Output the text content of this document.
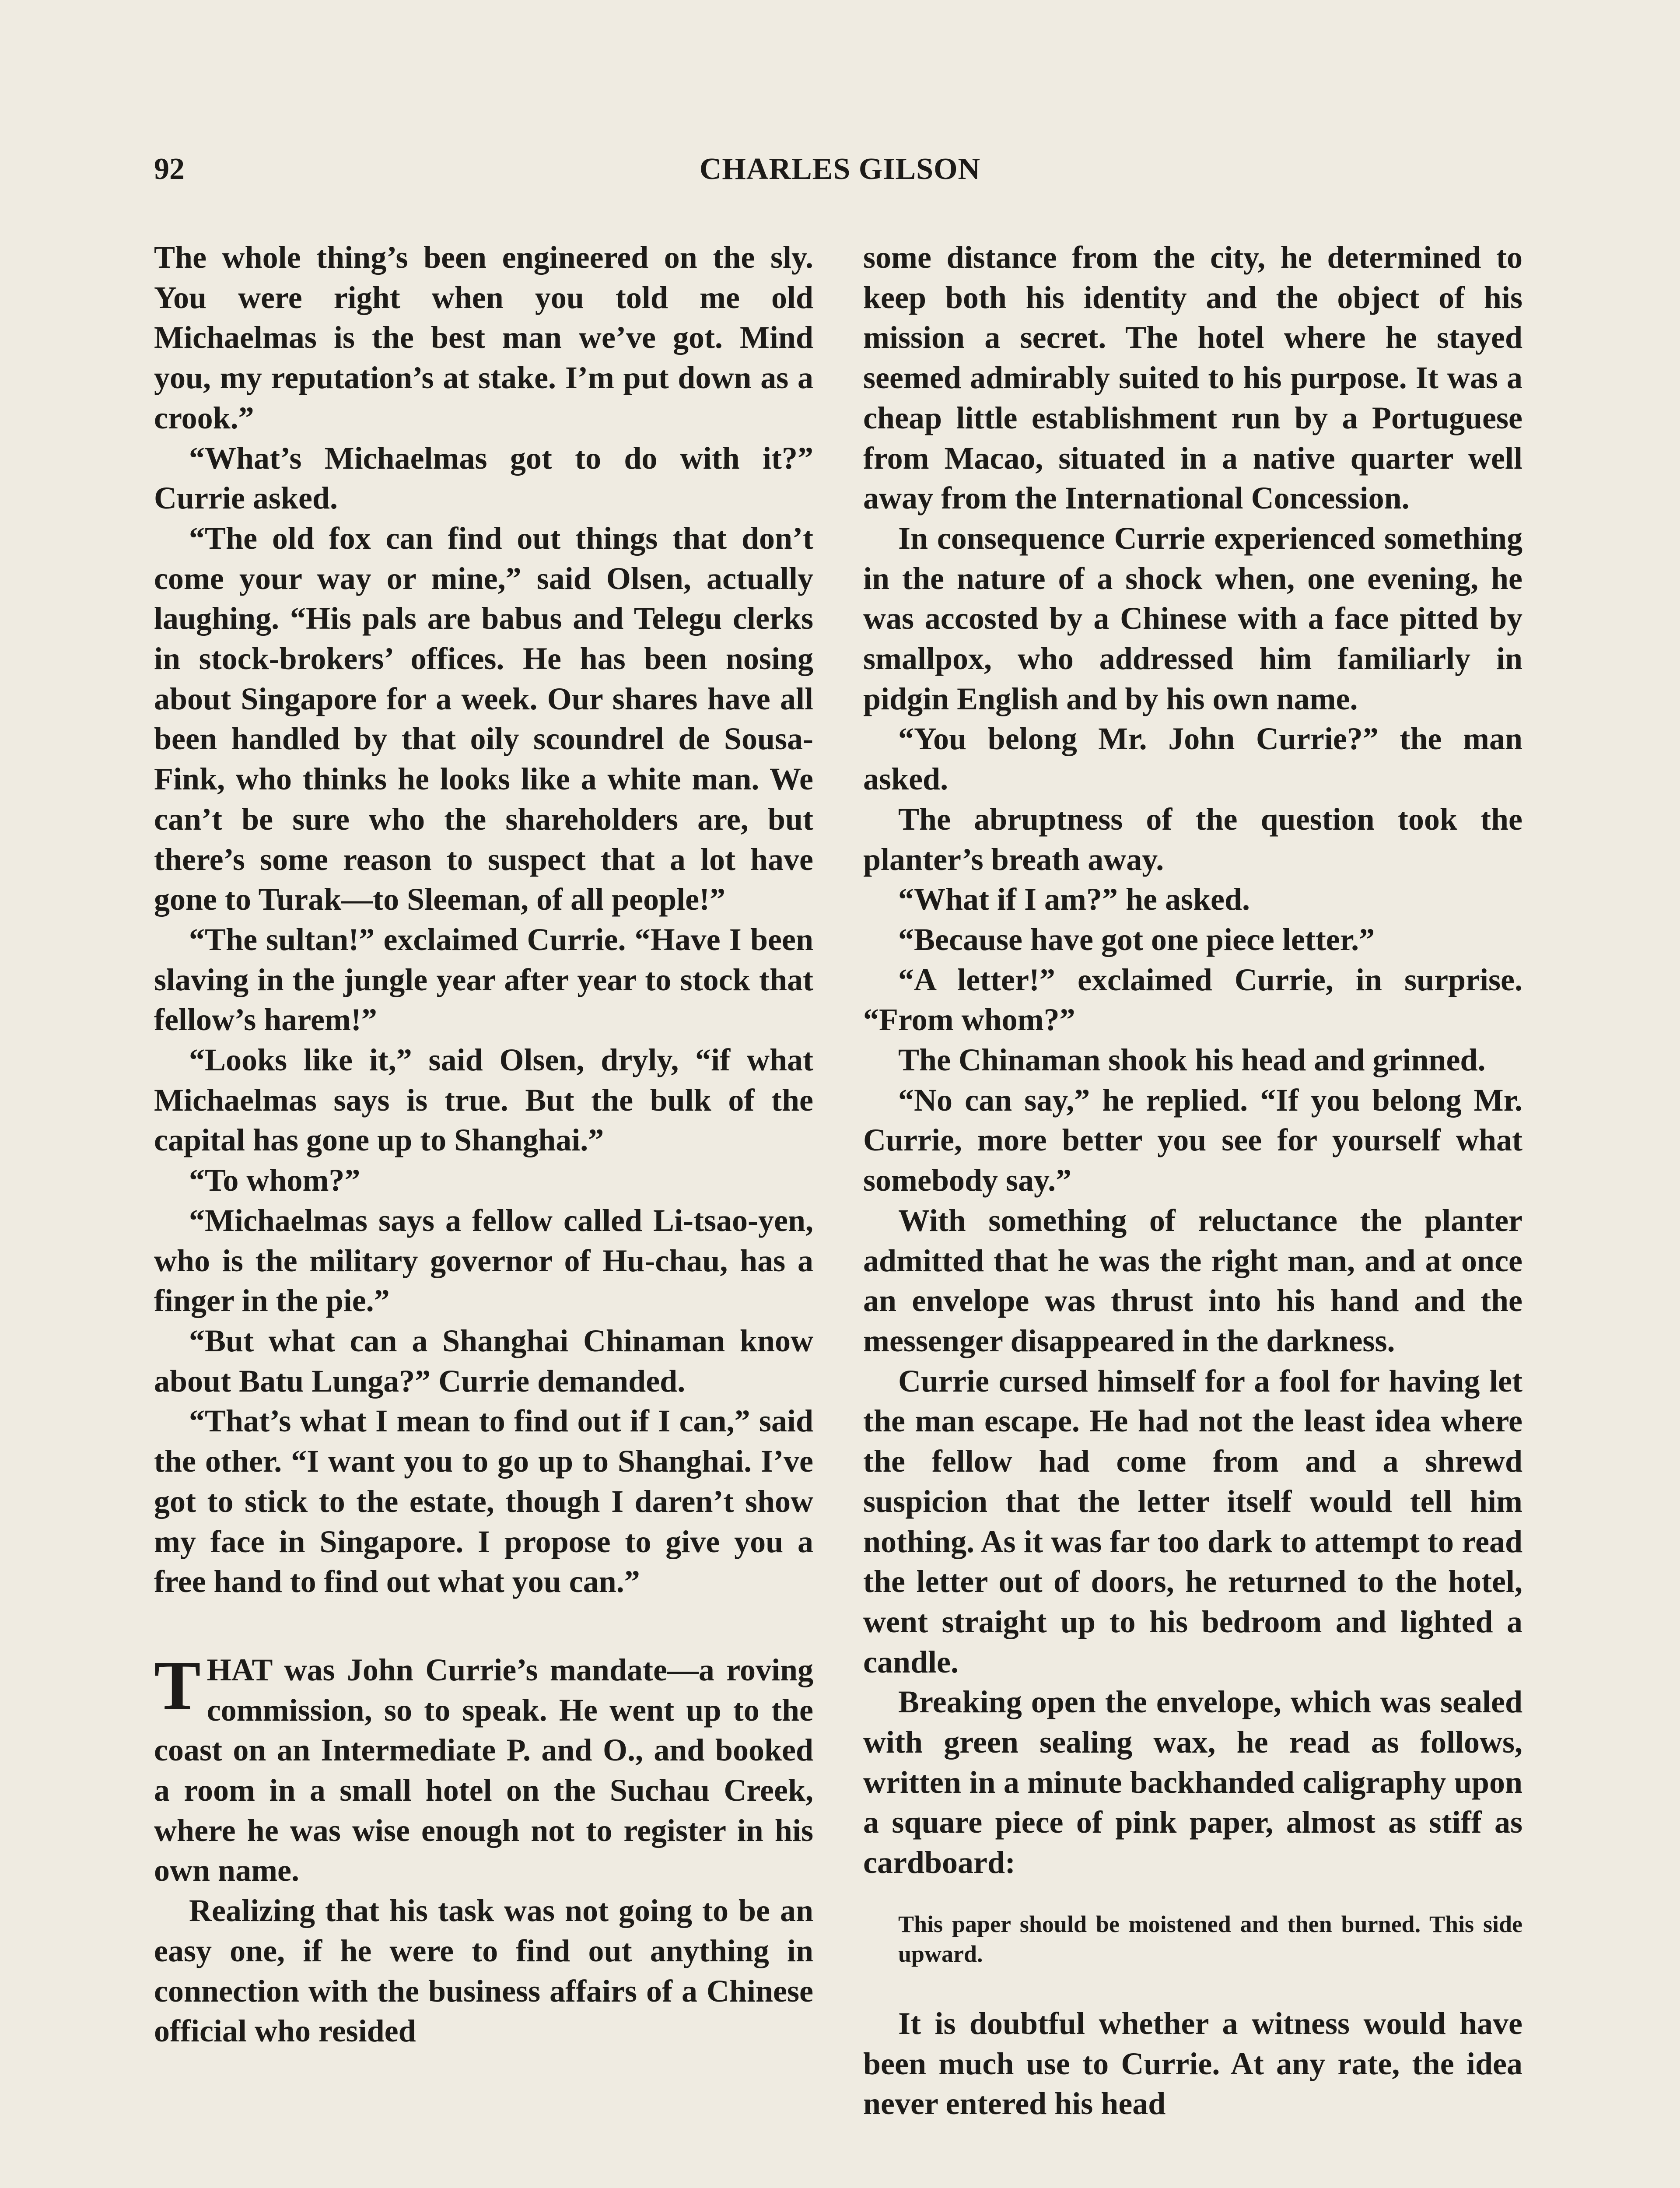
92	CHARLES GILSON

The whole thing’s been engineered on the sly. You were right when you told me old Michaelmas is the best man we’ve got. Mind you, my reputation’s at stake. I’m put down as a crook.”

“What’s Michaelmas got to do with it?” Currie asked.

“The old fox can find out things that don’t come your way or mine,” said Olsen, actually laughing. “His pals are babus and Telegu clerks in stock-brokers’ offices. He has been nosing about Singapore for a week. Our shares have all been handled by that oily scoundrel de Sousa-Fink, who thinks he looks like a white man. We can’t be sure who the shareholders are, but there’s some reason to suspect that a lot have gone to Turak—to Sleeman, of all people!”

“The sultan!” exclaimed Currie. “Have I been slaving in the jungle year after year to stock that fellow’s harem!”

“Looks like it,” said Olsen, dryly, “if what Michaelmas says is true. But the bulk of the capital has gone up to Shanghai.”

“To whom?”

“Michaelmas says a fellow called Li-tsao-yen, who is the military governor of Hu-chau, has a finger in the pie.”

“But what can a Shanghai Chinaman know about Batu Lunga?” Currie demanded.

“That’s what I mean to find out if I can,” said the other. “I want you to go up to Shanghai. I’ve got to stick to the estate, though I daren’t show my face in Singapore. I propose to give you a free hand to find out what you can.”

THAT was John Currie’s mandate—a roving commission, so to speak. He went up to the coast on an Intermediate P. and O., and booked a room in a small hotel on the Suchau Creek, where he was wise enough not to register in his own name.

Realizing that his task was not going to be an easy one, if he were to find out anything in connection with the business affairs of a Chinese official who resided

some distance from the city, he determined to keep both his identity and the object of his mission a secret. The hotel where he stayed seemed admirably suited to his purpose. It was a cheap little establishment run by a Portuguese from Macao, situated in a native quarter well away from the International Concession.

In consequence Currie experienced something in the nature of a shock when, one evening, he was accosted by a Chinese with a face pitted by smallpox, who addressed him familiarly in pidgin English and by his own name.

“You belong Mr. John Currie?” the man asked.

The abruptness of the question took the planter’s breath away.

“What if I am?” he asked.

“Because have got one piece letter.”

“A letter!” exclaimed Currie, in surprise. “From whom?”

The Chinaman shook his head and grinned.

“No can say,” he replied. “If you belong Mr. Currie, more better you see for yourself what somebody say.”

With something of reluctance the planter admitted that he was the right man, and at once an envelope was thrust into his hand and the messenger disappeared in the darkness.

Currie cursed himself for a fool for having let the man escape. He had not the least idea where the fellow had come from and a shrewd suspicion that the letter itself would tell him nothing. As it was far too dark to attempt to read the letter out of doors, he returned to the hotel, went straight up to his bedroom and lighted a candle.

Breaking open the envelope, which was sealed with green sealing wax, he read as follows, written in a minute backhanded caligraphy upon a square piece of pink paper, almost as stiff as cardboard:

This paper should be moistened and then burned. This side upward.

It is doubtful whether a witness would have been much use to Currie. At any rate, the idea never entered his head
